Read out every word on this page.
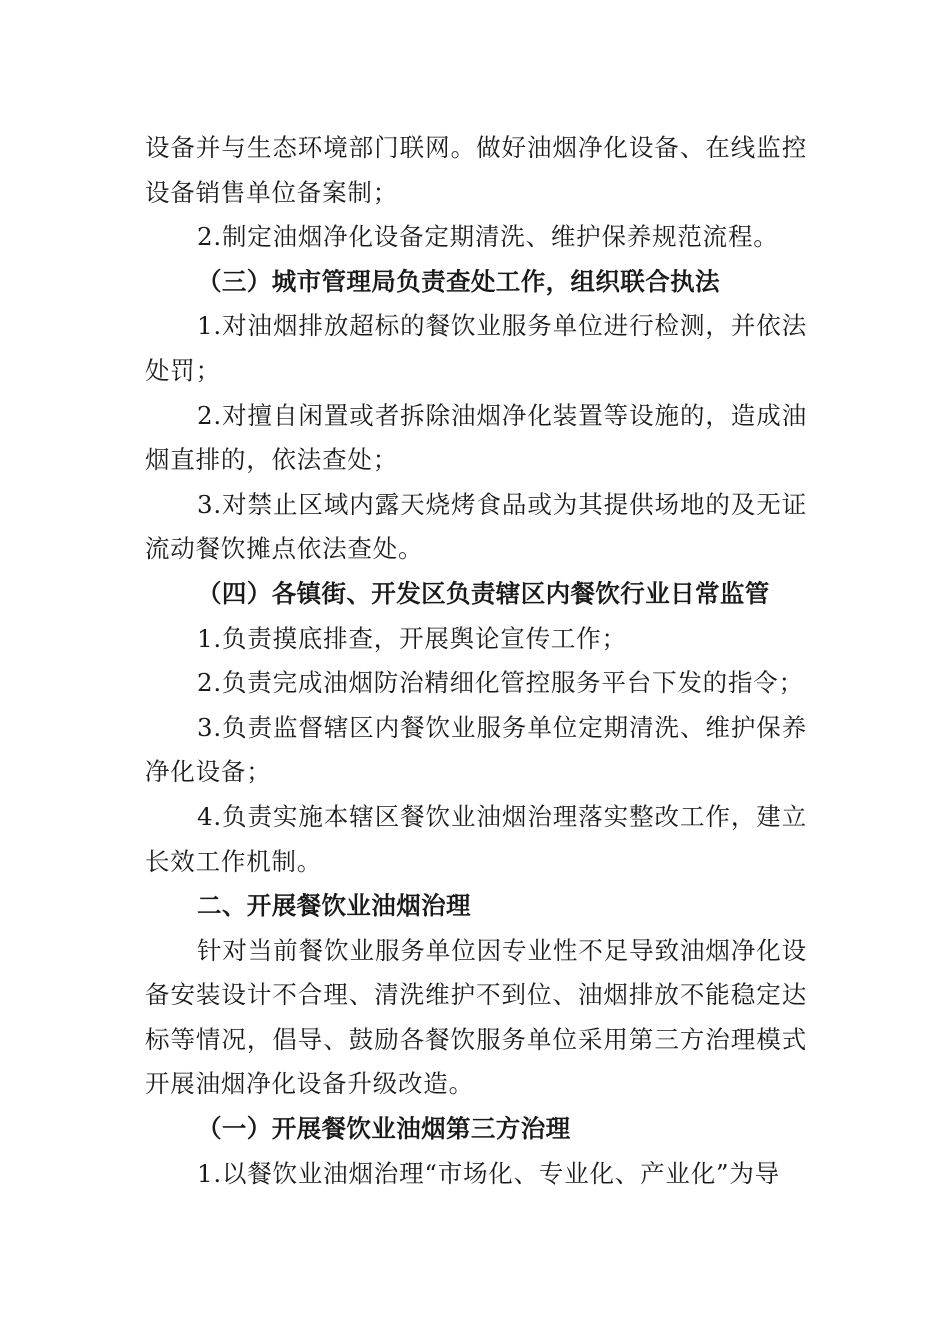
设备并与生态环境部门联网。做好油烟净化设备、在线监控设备销售单位备案制；

2.制定油烟净化设备定期清洗、维护保养规范流程。

（三）城市管理局负责查处工作，组织联合执法

1.对油烟排放超标的餐饮业服务单位进行检测，并依法处罚；

2.对擅自闲置或者拆除油烟净化装置等设施的，造成油烟直排的，依法查处；

3.对禁止区域内露天烧烤食品或为其提供场地的及无证流动餐饮摊点依法查处。

（四）各镇街、开发区负责辖区内餐饮行业日常监管

1.负责摸底排查，开展舆论宣传工作；

2.负责完成油烟防治精细化管控服务平台下发的指令；

3.负责监督辖区内餐饮业服务单位定期清洗、维护保养净化设备；

4.负责实施本辖区餐饮业油烟治理落实整改工作，建立长效工作机制。

二、开展餐饮业油烟治理

针对当前餐饮业服务单位因专业性不足导致油烟净化设备安装设计不合理、清洗维护不到位、油烟排放不能稳定达标等情况，倡导、鼓励各餐饮服务单位采用第三方治理模式开展油烟净化设备升级改造。

（一）开展餐饮业油烟第三方治理

1.以餐饮业油烟治理“市场化、专业化、产业化”为导
